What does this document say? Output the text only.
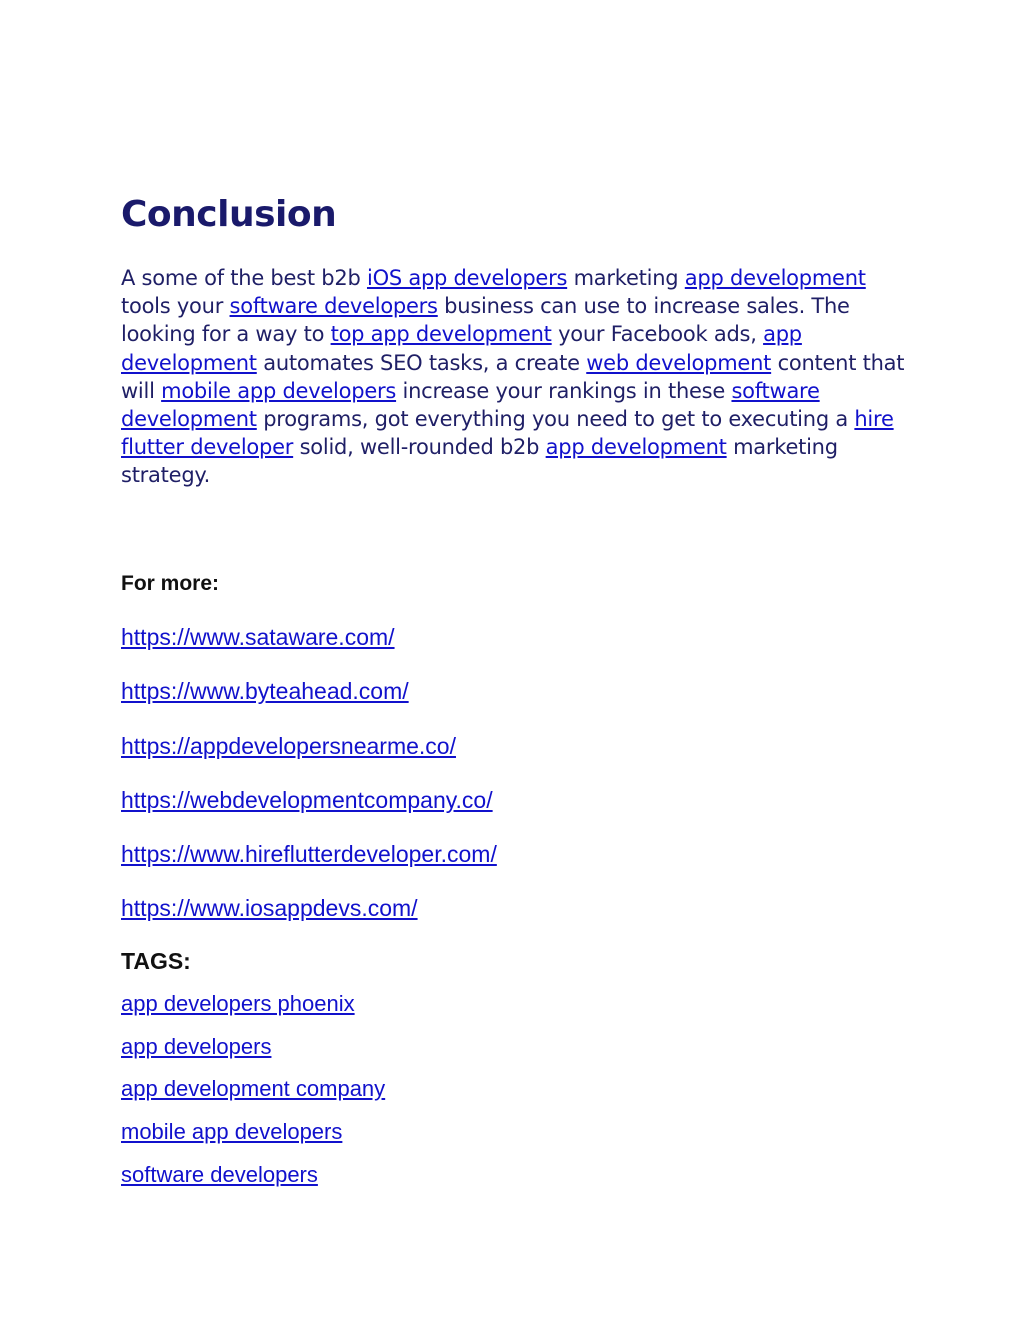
Conclusion

A some of the best b2b iOS app developers marketing app development tools your software developers business can use to increase sales. The looking for a way to top app development your Facebook ads, app development automates SEO tasks, a create web development content that will mobile app developers increase your rankings in these software development programs, got everything you need to get to executing a hire flutter developer solid, well-rounded b2b app development marketing strategy.

For more:

https://www.sataware.com/
https://www.byteahead.com/
https://appdevelopersnearme.co/
https://webdevelopmentcompany.co/
https://www.hireflutterdeveloper.com/
https://www.iosappdevs.com/

TAGS:

app developers phoenix
app developers
app development company
mobile app developers
software developers
